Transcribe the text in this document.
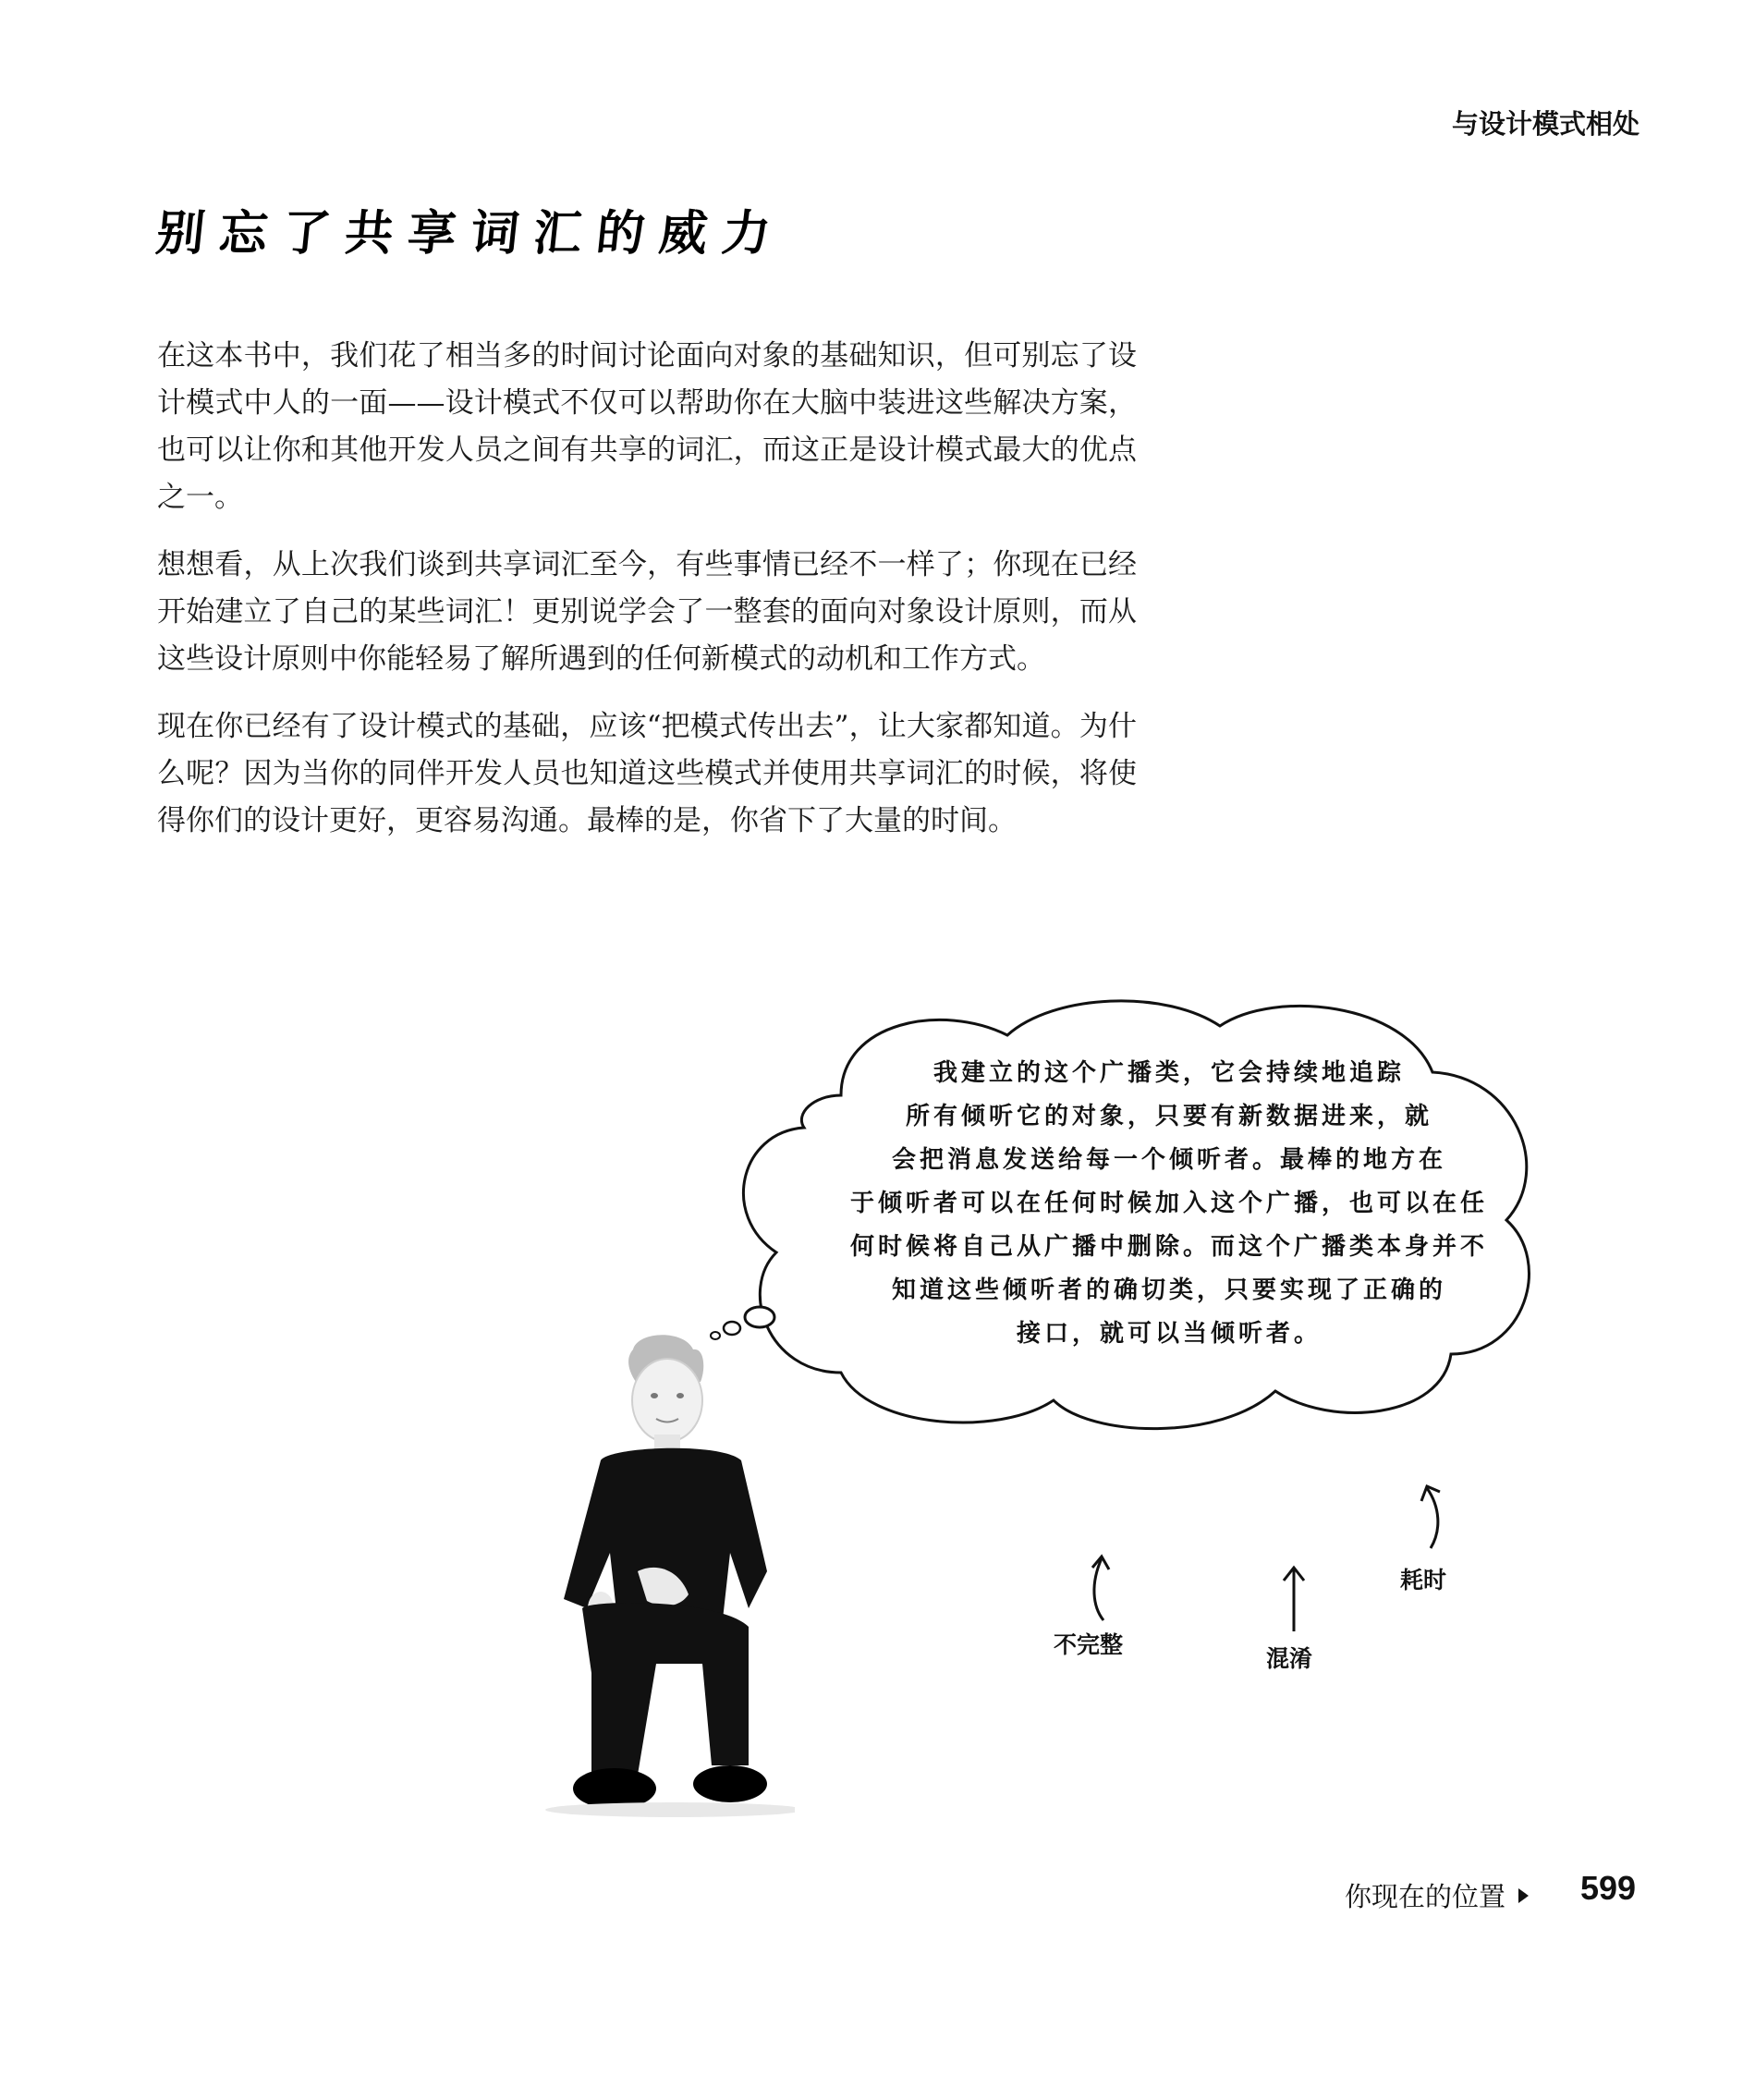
与设计模式相处
别忘了共享词汇的威力

在这本书中，我们花了相当多的时间讨论面向对象的基础知识，但可别忘了设计模式中人的一面——设计模式不仅可以帮助你在大脑中装进这些解决方案，也可以让你和其他开发人员之间有共享的词汇，而这正是设计模式最大的优点之一。

想想看，从上次我们谈到共享词汇至今，有些事情已经不一样了；你现在已经开始建立了自己的某些词汇！更别说学会了一整套的面向对象设计原则，而从这些设计原则中你能轻易了解所遇到的任何新模式的动机和工作方式。

现在你已经有了设计模式的基础，应该“把模式传出去”，让大家都知道。为什么呢？因为当你的同伴开发人员也知道这些模式并使用共享词汇的时候，将使得你们的设计更好，更容易沟通。最棒的是，你省下了大量的时间。

我建立的这个广播类，它会持续地追踪
所有倾听它的对象，只要有新数据进来，就
会把消息发送给每一个倾听者。最棒的地方在
于倾听者可以在任何时候加入这个广播，也可以在任
何时候将自己从广播中删除。而这个广播类本身并不
知道这些倾听者的确切类，只要实现了正确的
接口，就可以当倾听者。
不完整
混淆
耗时
你现在的位置 599
